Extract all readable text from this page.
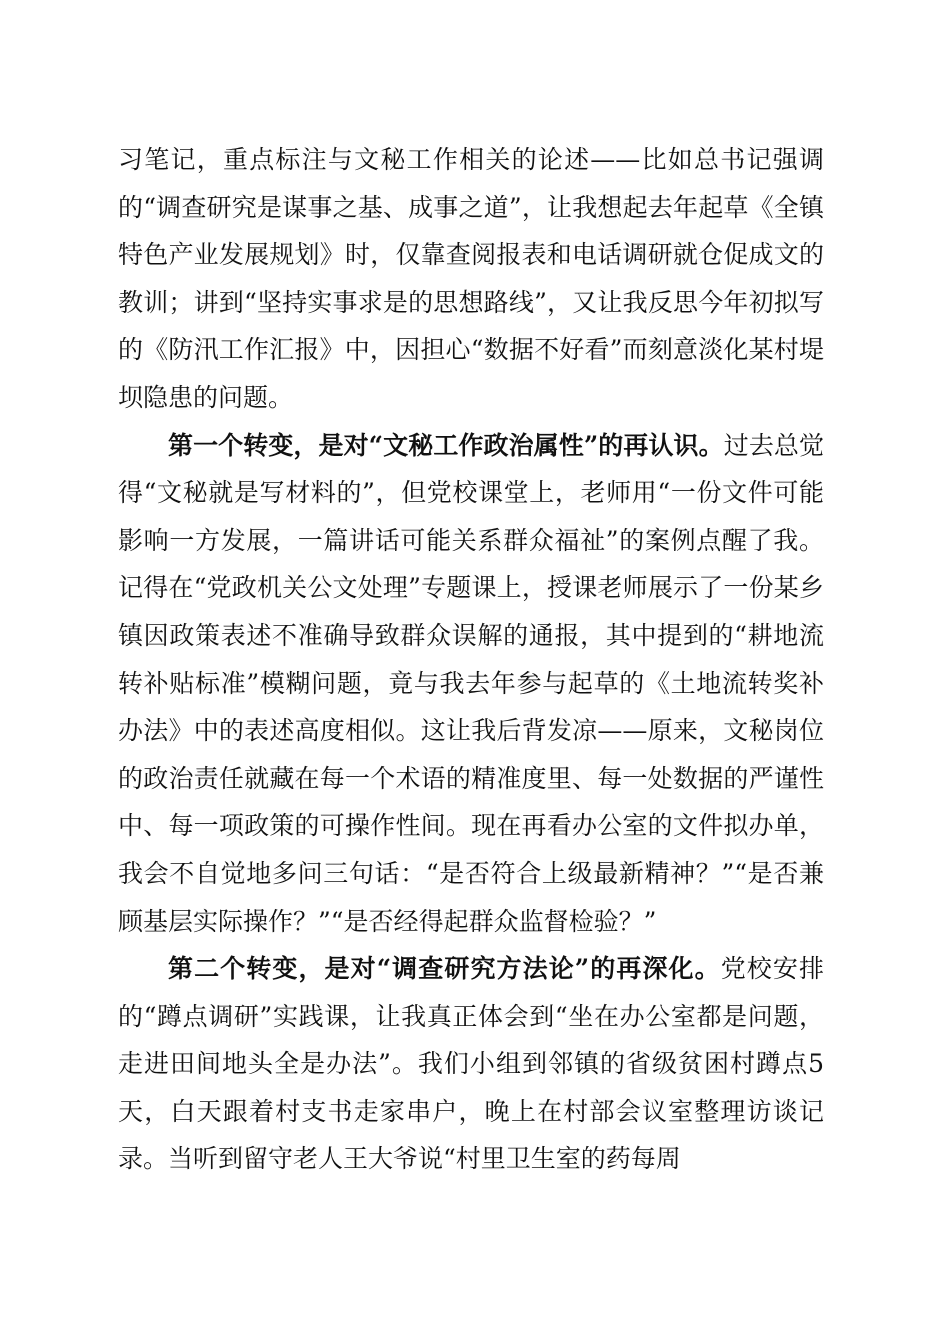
习笔记，重点标注与文秘工作相关的论述——比如总书记强调的“调查研究是谋事之基、成事之道”，让我想起去年起草《全镇特色产业发展规划》时，仅靠查阅报表和电话调研就仓促成文的教训；讲到“坚持实事求是的思想路线”，又让我反思今年初拟写的《防汛工作汇报》中，因担心“数据不好看”而刻意淡化某村堤坝隐患的问题。

第一个转变，是对“文秘工作政治属性”的再认识。过去总觉得“文秘就是写材料的”，但党校课堂上，老师用“一份文件可能影响一方发展，一篇讲话可能关系群众福祉”的案例点醒了我。记得在“党政机关公文处理”专题课上，授课老师展示了一份某乡镇因政策表述不准确导致群众误解的通报，其中提到的“耕地流转补贴标准”模糊问题，竟与我去年参与起草的《土地流转奖补办法》中的表述高度相似。这让我后背发凉——原来，文秘岗位的政治责任就藏在每一个术语的精准度里、每一处数据的严谨性中、每一项政策的可操作性间。现在再看办公室的文件拟办单，我会不自觉地多问三句话：“是否符合上级最新精神？”“是否兼顾基层实际操作？”“是否经得起群众监督检验？”

第二个转变，是对“调查研究方法论”的再深化。党校安排的“蹲点调研”实践课，让我真正体会到“坐在办公室都是问题，走进田间地头全是办法”。我们小组到邻镇的省级贫困村蹲点5天，白天跟着村支书走家串户，晚上在村部会议室整理访谈记录。当听到留守老人王大爷说“村里卫生室的药每周
